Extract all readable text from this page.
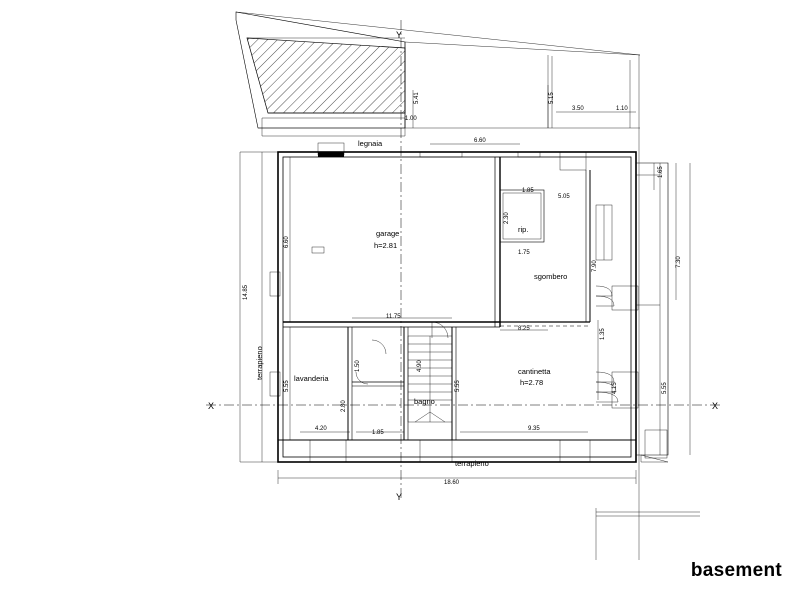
Y
Y
X	X
garage
h=2.81
legnaia
rip.
sgombero
cantinetta
h=2.78
lavanderia
bagno
terrapieno
terrapieno
5.41
1.00
5.15
3.50	1.10
6.60
1.65
5.05
7.30
7.90
5.55
4.15
1.75
2.30
1.85
14.85
6.60
5.55
2.80
1.50
4.20
1.85
9.35
18.60
11.75
8.25
5.55
4.90
1.35
basement
